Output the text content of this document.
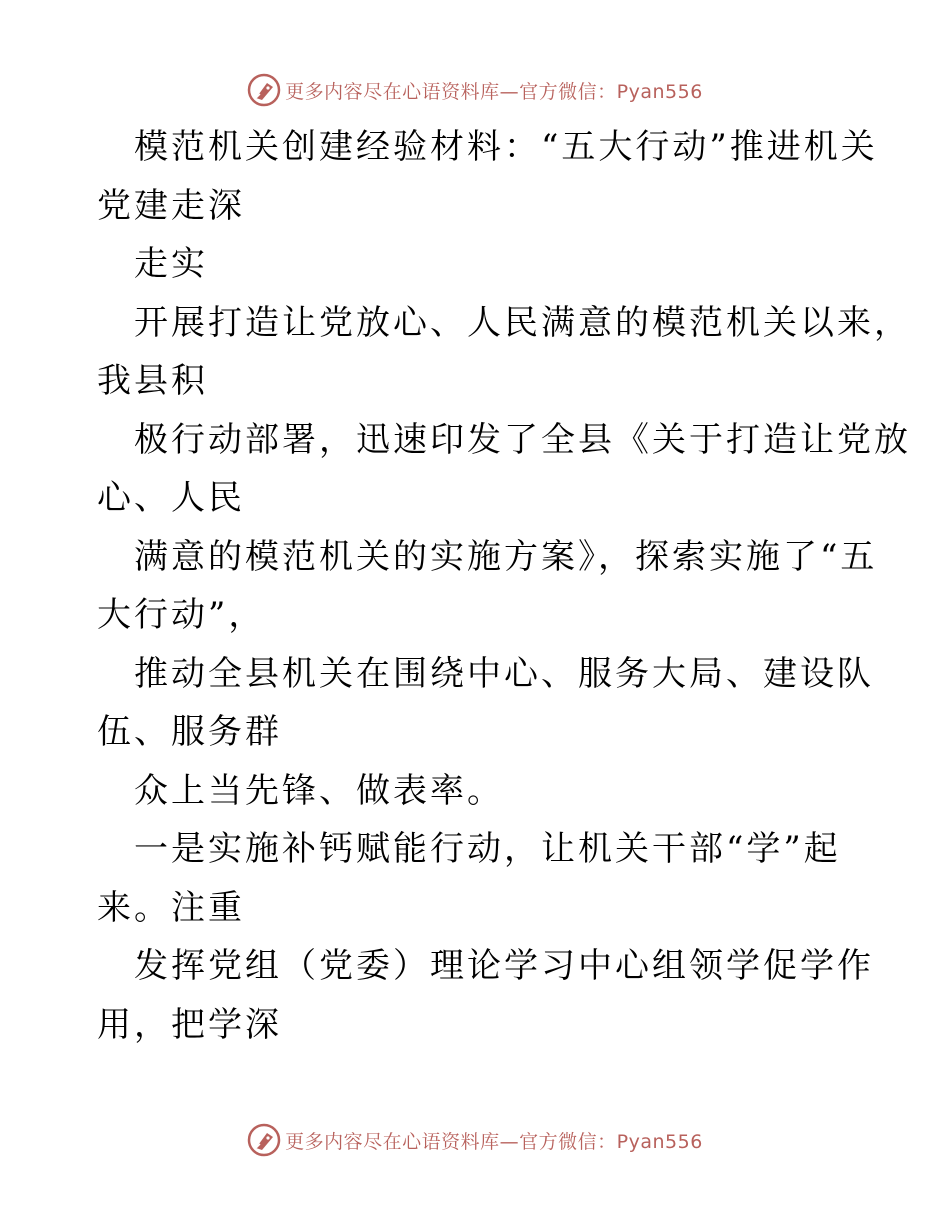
更多内容尽在心语资料库—官方微信：Pyan556
模范机关创建经验材料：“五大行动”推进机关
党建走深
走实
开展打造让党放心、人民满意的模范机关以来，
我县积
极行动部署，迅速印发了全县《关于打造让党放
心、人民
满意的模范机关的实施方案》，探索实施了“五
大行动”，
推动全县机关在围绕中心、服务大局、建设队
伍、服务群
众上当先锋、做表率。
一是实施补钙赋能行动，让机关干部“学”起
来。注重
发挥党组（党委）理论学习中心组领学促学作
用，把学深
更多内容尽在心语资料库—官方微信：Pyan556
